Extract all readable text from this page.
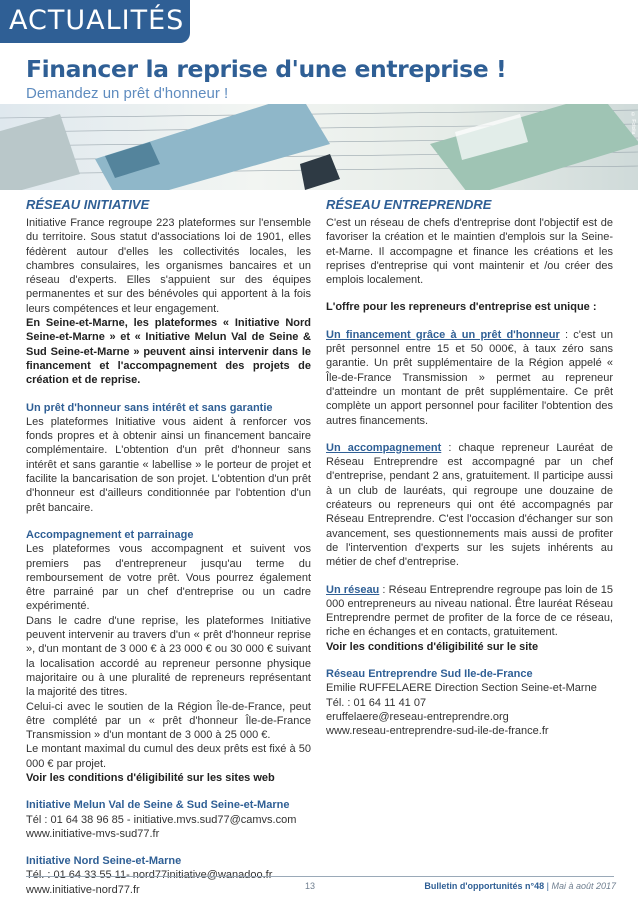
ACTUALITÉS
Financer la reprise d'une entreprise !
Demandez un prêt d'honneur !
© Fotolia
RÉSEAU INITIATIVE

Initiative France regroupe 223 plateformes sur l'ensemble du territoire. Sous statut d'associations loi de 1901, elles fédèrent autour d'elles les collectivités locales, les chambres consulaires, les organismes bancaires et un réseau d'experts. Elles s'appuient sur des équipes permanentes et sur des bénévoles qui apportent à la fois leurs compétences et leur engagement.

En Seine-et-Marne, les plateformes « Initiative Nord Seine-et-Marne » et « Initiative Melun Val de Seine & Sud Seine-et-Marne » peuvent ainsi intervenir dans le financement et l'accompagnement des projets de création et de reprise.

Un prêt d'honneur sans intérêt et sans garantie

Les plateformes Initiative vous aident à renforcer vos fonds propres et à obtenir ainsi un financement bancaire complémentaire. L'obtention d'un prêt d'honneur sans intérêt et sans garantie « labellise » le porteur de projet et facilite la bancarisation de son projet. L'obtention d'un prêt d'honneur est d'ailleurs conditionnée par l'obtention d'un prêt bancaire.

Accompagnement et parrainage

Les plateformes vous accompagnent et suivent vos premiers pas d'entrepreneur jusqu'au terme du remboursement de votre prêt. Vous pourrez également être parrainé par un chef d'entreprise ou un cadre expérimenté.

Dans le cadre d'une reprise, les plateformes Initiative peuvent intervenir au travers d'un « prêt d'honneur reprise », d'un montant de 3 000 € à 23 000 € ou 30 000 € suivant la localisation accordé au repreneur personne physique majoritaire ou à une pluralité de repreneurs représentant la majorité des titres.

Celui-ci avec le soutien de la Région Île-de-France, peut être complété par un « prêt d'honneur Île-de-France Transmission » d'un montant de 3 000 à 25 000 €.

Le montant maximal du cumul des deux prêts est fixé à 50 000 € par projet.

Voir les conditions d'éligibilité sur les sites web

Initiative Melun Val de Seine & Sud Seine-et-Marne

Tél : 01 64 38 96 85 - initiative.mvs.sud77@camvs.com

www.initiative-mvs-sud77.fr

Initiative Nord Seine-et-Marne

www.initiative-nord77.fr

RÉSEAU ENTREPRENDRE

C'est un réseau de chefs d'entreprise dont l'objectif est de favoriser la création et le maintien d'emplois sur la Seine-et-Marne. Il accompagne et finance les créations et les reprises d'entreprise qui vont maintenir et /ou créer des emplois localement.

L'offre pour les repreneurs d'entreprise est unique :

Un financement grâce à un prêt d'honneur : c'est un prêt personnel entre 15 et 50 000€, à taux zéro sans garantie. Un prêt supplémentaire de la Région appelé « Île-de-France Transmission » permet au repreneur d'atteindre un montant de prêt supplémentaire. Ce prêt complète un apport personnel pour faciliter l'obtention des autres financements.

Un accompagnement : chaque repreneur Lauréat de Réseau Entreprendre est accompagné par un chef d'entreprise, pendant 2 ans, gratuitement. Il participe aussi à un club de lauréats, qui regroupe une douzaine de créateurs ou repreneurs qui ont été accompagnés par Réseau Entreprendre. C'est l'occasion d'échanger sur son avancement, ses questionnements mais aussi de profiter de l'intervention d'experts sur les sujets inhérents au métier de chef d'entreprise.

Un réseau : Réseau Entreprendre regroupe pas loin de 15 000 entrepreneurs au niveau national. Être lauréat Réseau Entreprendre permet de profiter de la force de ce réseau, riche en échanges et en contacts, gratuitement.

Voir les conditions d'éligibilité sur le site

Réseau Entreprendre Sud Ile-de-France

Emilie RUFFELAERE Direction Section Seine-et-Marne

Tél. : 01 64 11 41 07

eruffelaere@reseau-entreprendre.org

www.reseau-entreprendre-sud-ile-de-france.fr

13	Bulletin d'opportunités n°48 | Mai à août 2017
